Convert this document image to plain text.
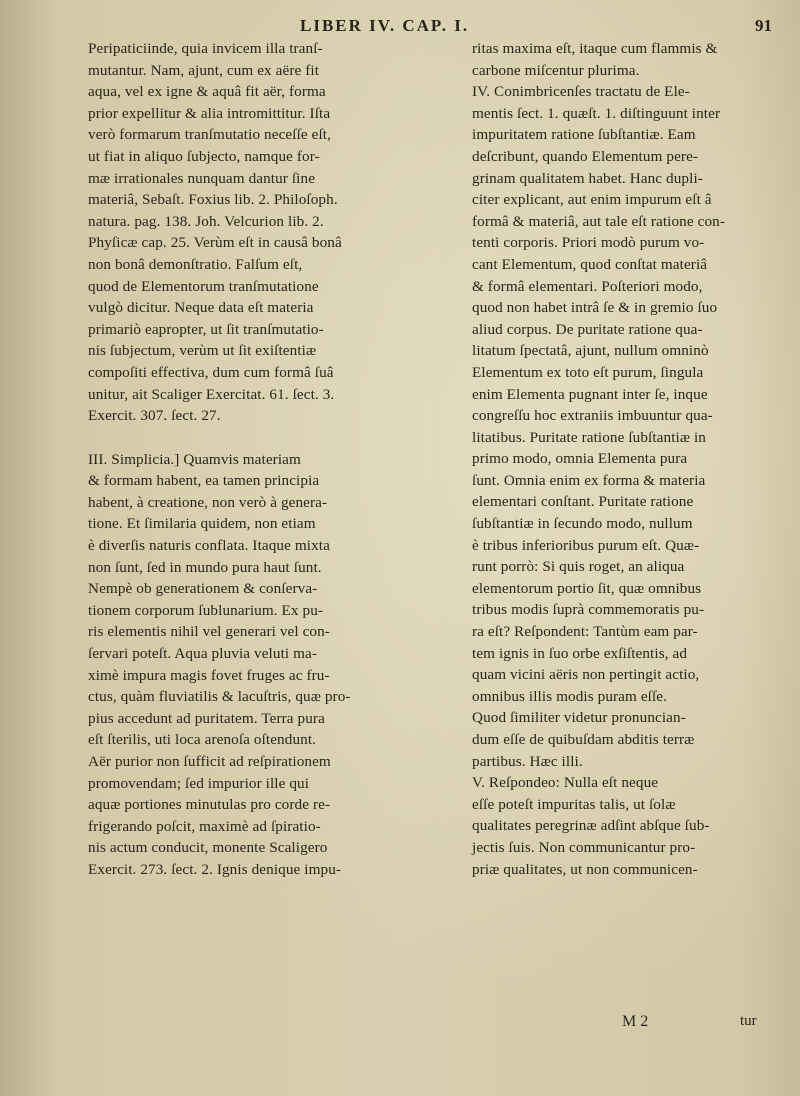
LIBER IV. CAP. I.	91
Peripaticiinde, quia invicem illa tranſ-
mutantur. Nam, ajunt, cum ex aëre fit
aqua, vel ex igne & aquâ fit aër, forma
prior expellitur & alia intromittitur. Iſta
verò formarum tranſmutatio neceſſe eſt,
ut fiat in aliquo ſubjecto, namque for-
mæ irrationales nunquam dantur ſine
materiâ, Sebaſt. Foxius lib. 2. Philoſoph.
natura. pag. 138. Joh. Velcurion lib. 2.
Phyſicæ cap. 25. Verùm eſt in causâ bonâ
non bonâ demonſtratio. Falſum eſt,
quod de Elementorum tranſmutatione
vulgò dicitur. Neque data eſt materia
primariò eapropter, ut ſit tranſmutatio-
nis ſubjectum, verùm ut ſit exiſtentiæ
compoſiti effectiva, dum cum formâ ſuâ
unitur, ait Scaliger Exercitat. 61. ſect. 3.
Exercit. 307. ſect. 27.
III. Simplicia.] Quamvis materiam
& formam habent, ea tamen principia
habent, à creatione, non verò à genera-
tione. Et ſimilaria quidem, non etiam
è diverſis naturis conflata. Itaque mixta
non ſunt, ſed in mundo pura haut ſunt.
Nempè ob generationem & conſerva-
tionem corporum ſublunarium. Ex pu-
ris elementis nihil vel generari vel con-
ſervari poteſt. Aqua pluvia veluti ma-
ximè impura magis fovet fruges ac fru-
ctus, quàm fluviatilis & lacuſtris, quæ pro-
pius accedunt ad puritatem. Terra pura
eſt ſterilis, uti loca arenoſa oſtendunt.
Aër purior non ſufficit ad reſpirationem
promovendam; ſed impurior ille qui
aquæ portiones minutulas pro corde re-
frigerando poſcit, maximè ad ſpiratio-
nis actum conducit, monente Scaligero
Exercit. 273. ſect. 2. Ignis denique impu-
ritas maxima eſt, itaque cum flammis &
carbone miſcentur plurima.
IV. Conimbricenſes tractatu de Ele-
mentis ſect. 1. quæſt. 1. diſtinguunt inter
impuritatem ratione ſubſtantiæ. Eam
deſcribunt, quando Elementum pere-
grinam qualitatem habet. Hanc dupli-
citer explicant, aut enim impurum eſt â
formâ & materiâ, aut tale eſt ratione con-
tenti corporis. Priori modò purum vo-
cant Elementum, quod conſtat materiâ
& formâ elementari. Poſteriori modo,
quod non habet intrâ ſe & in gremio ſuo
aliud corpus. De puritate ratione qua-
litatum ſpectatâ, ajunt, nullum omninò
Elementum ex toto eſt purum, ſingula
enim Elementa pugnant inter ſe, inque
congreſſu hoc extraniis imbuuntur qua-
litatibus. Puritate ratione ſubſtantiæ in
primo modo, omnia Elementa pura
ſunt. Omnia enim ex forma & materia
elementari conſtant. Puritate ratione
ſubſtantiæ in ſecundo modo, nullum
è tribus inferioribus purum eſt. Quæ-
runt porrò: Si quis roget, an aliqua
elementorum portio ſit, quæ omnibus
tribus modis ſuprà commemoratis pu-
ra eſt? Reſpondent: Tantùm eam par-
tem ignis in ſuo orbe exſiſtentis, ad
quam vicini aëris non pertingit actio,
omnibus illis modis puram eſſe.
Quod ſimiliter videtur pronuncian-
dum eſſe de quibuſdam abditis terræ
partibus. Hæc illi.
V. Reſpondeo: Nulla eſt neque
eſſe poteſt impuritas talis, ut ſolæ
qualitates peregrinæ adſint abſque ſub-
jectis ſuis. Non communicantur pro-
priæ qualitates, ut non communicen-
M 2	tur
